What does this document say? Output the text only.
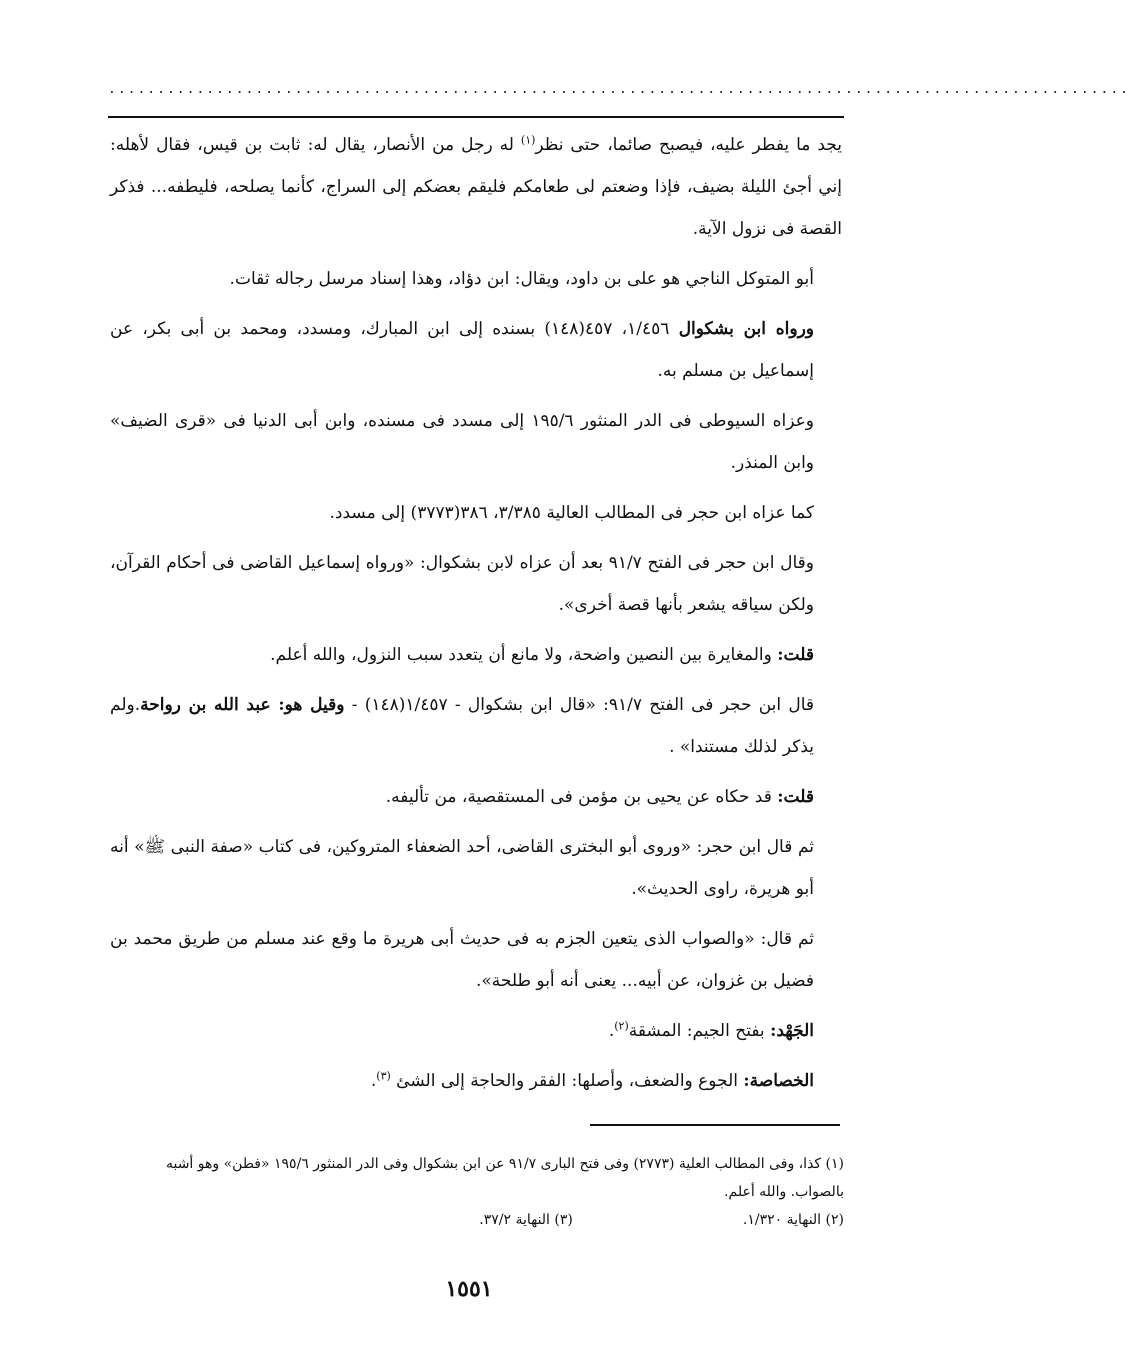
........................................................................................................

يجد ما يفطر عليه، فيصبح صائما، حتى نظر$^{(١)}$ له رجل من الأنصار، يقال له: ثابت بن قيس، فقال لأهله: إني أجئ الليلة بضيف، فإذا وضعتم لى طعامكم فليقم بعضكم إلى السراج، كأنما يصلحه، فليطفه... فذكر القصة فى نزول الآية.

أبو المتوكل الناجي هو على بن داود، ويقال: ابن دؤاد، وهذا إسناد مرسل رجاله ثقات.

ورواه ابن بشكوال ١/٤٥٦، ٤٥٧(١٤٨) بسنده إلى ابن المبارك، ومسدد، ومحمد بن أبى بكر، عن إسماعيل بن مسلم به.

وعزاه السيوطى فى الدر المنثور ١٩٥/٦ إلى مسدد فى مسنده، وابن أبى الدنيا فى «قرى الضيف» وابن المنذر.

كما عزاه ابن حجر فى المطالب العالية ٣/٣٨٥، ٣٨٦(٣٧٧٣) إلى مسدد.

وقال ابن حجر فى الفتح ٩١/٧ بعد أن عزاه لابن بشكوال: «ورواه إسماعيل القاضى فى أحكام القرآن، ولكن سياقه يشعر بأنها قصة أخرى».

قلت: والمغايرة بين النصين واضحة، ولا مانع أن يتعدد سبب النزول، والله أعلم.

قال ابن حجر فى الفتح ٩١/٧: «قال ابن بشكوال - ١/٤٥٧(١٤٨) - وقيل هو: عبد الله بن رواحة.ولم يذكر لذلك مستندا» .

قلت: قد حكاه عن يحيى بن مؤمن فى المستقصية، من تأليفه.

ثم قال ابن حجر: «وروى أبو البخترى القاضى، أحد الضعفاء المتروكين، فى كتاب «صفة النبى ﷺ» أنه أبو هريرة، راوى الحديث».

ثم قال: «والصواب الذى يتعين الجزم به فى حديث أبى هريرة ما وقع عند مسلم من طريق محمد بن فضيل بن غزوان، عن أبيه... يعنى أنه أبو طلحة».

الجَهْد: بفتح الجيم: المشقة$^{(٢)}$.

الخصاصة: الجوع والضعف، وأصلها: الفقر والحاجة إلى الشئ $^{(٣)}$.

(١) كذا، وفى المطالب العلية (٢٧٧٣) وفى فتح البارى ٩١/٧ عن ابن بشكوال وفى الدر المنثور ١٩٥/٦ «فطن» وهو أشبه بالصواب. والله أعلم.

(٢) النهاية ١/٣٢٠.
(٣) النهاية ٣٧/٢.

١٥٥١
